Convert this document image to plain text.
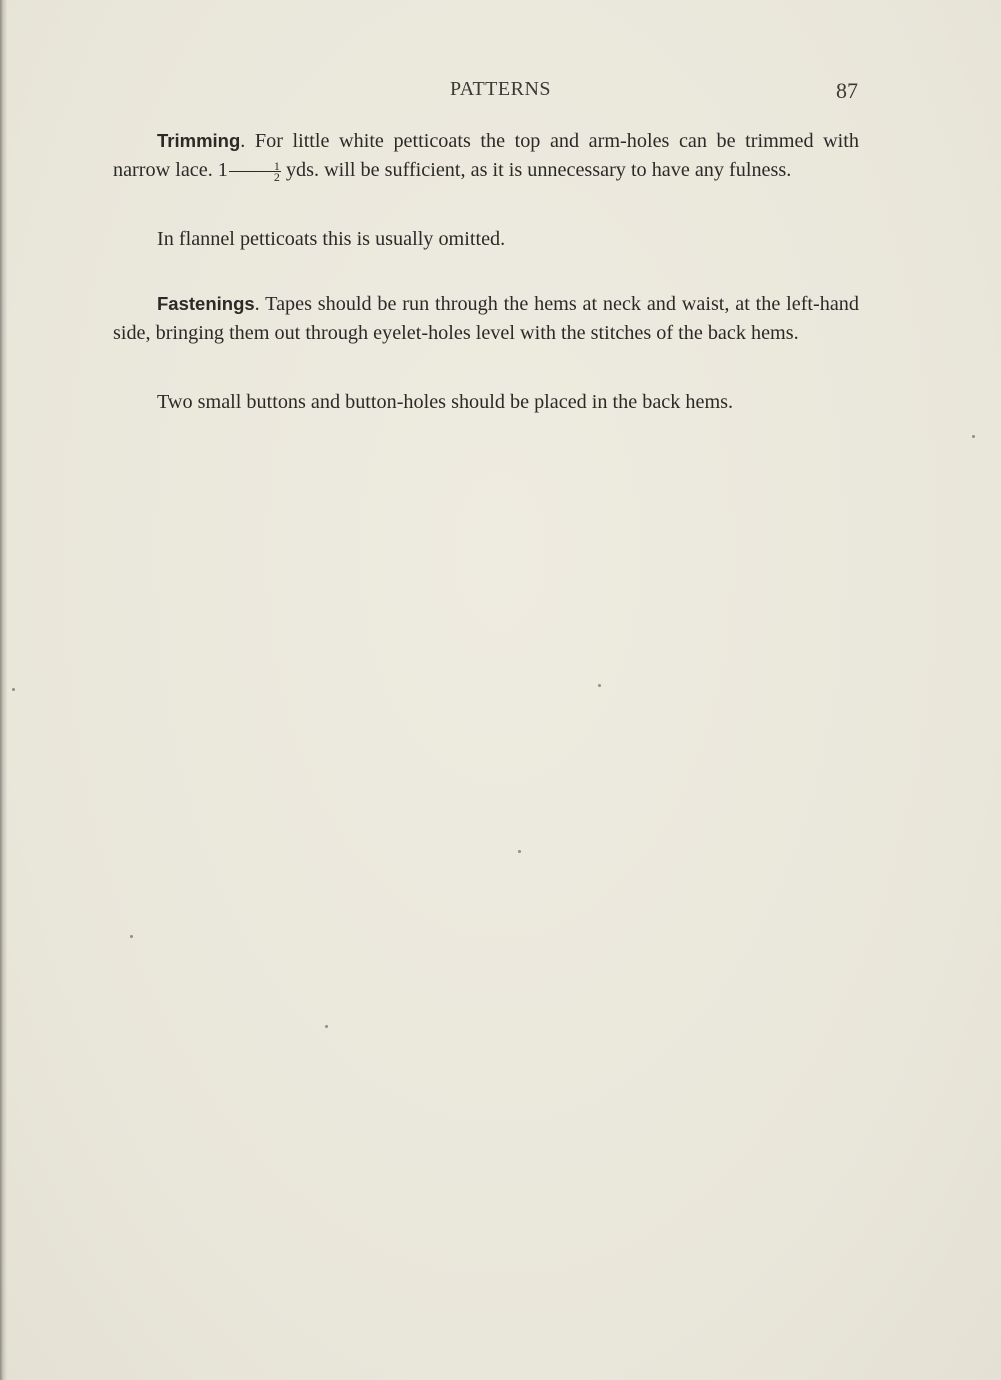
PATTERNS	87

Trimming. For little white petticoats the top and arm-holes can be trimmed with narrow lace. $1 \frac{1}{2}$ yds. will be sufficient, as it is unnecessary to have any fulness.

In flannel petticoats this is usually omitted.

Fastenings. Tapes should be run through the hems at neck and waist, at the left-hand side, bringing them out through eyelet-holes level with the stitches of the back hems.

Two small buttons and button-holes should be placed in the back hems.
